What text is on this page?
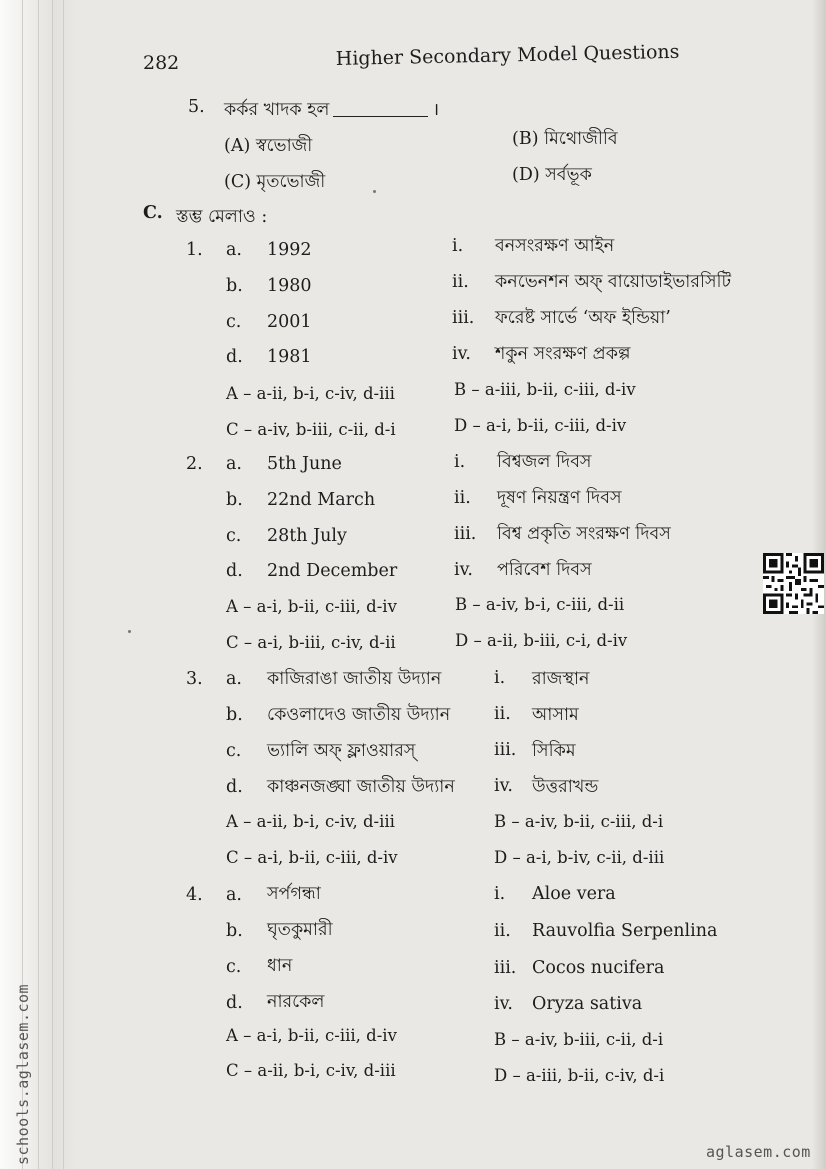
282	Higher Secondary Model Questions
5. কর্কর খাদক হল	।
(A) স্বভোজী	(B) মিথোজীবি
(C) মৃতভোজী	(D) সর্বভূক
C. স্তম্ভ মেলাও :
1. a. 1992	i. বনসংরক্ষণ আইন
b. 1980	ii. কনভেনশন অফ্ বায়োডাইভারসিটি
c. 2001	iii. ফরেষ্ট সার্ভে ‘অফ ইন্ডিয়া’
d. 1981	iv. শকুন সংরক্ষণ প্রকল্প
A – a-ii, b-i, c-iv, d-iii	B – a-iii, b-ii, c-iii, d-iv
C – a-iv, b-iii, c-ii, d-i	D – a-i, b-ii, c-iii, d-iv
2. a. 5th June	i. বিশ্বজল দিবস
b. 22nd March	ii. দূষণ নিয়ন্ত্রণ দিবস
c. 28th July	iii. বিশ্ব প্রকৃতি সংরক্ষণ দিবস
d. 2nd December	iv. পরিবেশ দিবস
A – a-i, b-ii, c-iii, d-iv	B – a-iv, b-i, c-iii, d-ii
C – a-i, b-iii, c-iv, d-ii	D – a-ii, b-iii, c-i, d-iv
3. a. কাজিরাঙা জাতীয় উদ্যান	i. রাজস্থান
b. কেওলাদেও জাতীয় উদ্যান	ii. আসাম
c. ভ্যালি অফ্ ফ্লাওয়ারস্	iii. সিকিম
d. কাঞ্চনজঙ্ঘা জাতীয় উদ্যান iv. উত্তরাখন্ড
A – a-ii, b-i, c-iv, d-iii	B – a-iv, b-ii, c-iii, d-i
C – a-i, b-ii, c-iii, d-iv	D – a-i, b-iv, c-ii, d-iii
4. a. সর্পগন্ধা	i. Aloe vera
b. ঘৃতকুমারী	ii. Rauvolfia Serpenlina
c. ধান	iii. Cocos nucifera
d. নারকেল	iv. Oryza sativa
A – a-i, b-ii, c-iii, d-iv	B – a-iv, b-iii, c-ii, d-i
C – a-ii, b-i, c-iv, d-iii	D – a-iii, b-ii, c-iv, d-i
schools.aglasem.com	aglasem.com
